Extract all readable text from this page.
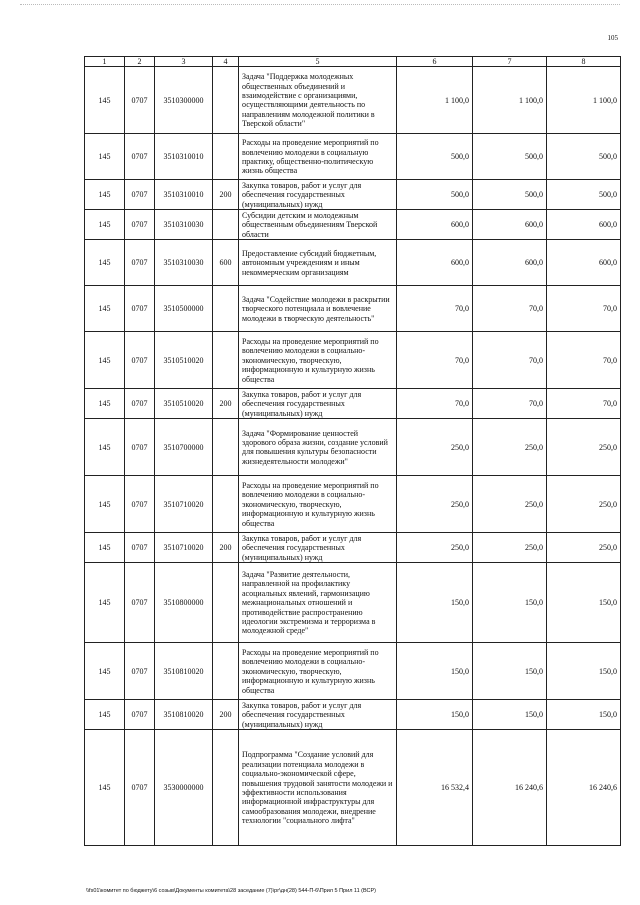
105
1	2	3	4	5	6	7	8
145	0707	3510300000		Задача "Поддержка молодежных общественных объединений и взаимодействие с организациями, осуществляющими деятельность по направлениям молодежной политики в Тверской области"	1 100,0	1 100,0	1 100,0
145	0707	3510310010		Расходы на проведение мероприятий по вовлечению молодежи в социальную практику, общественно-политическую жизнь общества	500,0	500,0	500,0
145	0707	3510310010	200	Закупка товаров, работ и услуг для обеспечения государственных (муниципальных) нужд	500,0	500,0	500,0
145	0707	3510310030		Субсидии детским и молодежным общественным объединениям Тверской области	600,0	600,0	600,0
145	0707	3510310030	600	Предоставление субсидий бюджетным, автономным учреждениям и иным некоммерческим организациям	600,0	600,0	600,0
145	0707	3510500000		Задача "Содействие молодежи в раскрытии творческого потенциала и вовлечение молодежи в творческую деятельность"	70,0	70,0	70,0
145	0707	3510510020		Расходы на проведение мероприятий по вовлечению молодежи в социально-экономическую, творческую, информационную и культурную жизнь общества	70,0	70,0	70,0
145	0707	3510510020	200	Закупка товаров, работ и услуг для обеспечения государственных (муниципальных) нужд	70,0	70,0	70,0
145	0707	3510700000		Задача "Формирование ценностей здорового образа жизни, создание условий для повышения культуры безопасности жизнедеятельности молодежи"	250,0	250,0	250,0
145	0707	3510710020		Расходы на проведение мероприятий по вовлечению молодежи в социально-экономическую, творческую, информационную и культурную жизнь общества	250,0	250,0	250,0
145	0707	3510710020	200	Закупка товаров, работ и услуг для обеспечения государственных (муниципальных) нужд	250,0	250,0	250,0
145	0707	3510800000		Задача "Развитие деятельности, направленной на профилактику асоциальных явлений, гармонизацию межнациональных отношений и противодействие распространению идеологии экстремизма и терроризма в молодежной среде"	150,0	150,0	150,0
145	0707	3510810020		Расходы на проведение мероприятий по вовлечению молодежи в социально-экономическую, творческую, информационную и культурную жизнь общества	150,0	150,0	150,0
145	0707	3510810020	200	Закупка товаров, работ и услуг для обеспечения государственных (муниципальных) нужд	150,0	150,0	150,0
145	0707	3530000000		Подпрограмма "Создание условий для реализации потенциала молодежи в социально-экономической сфере, повышения трудовой занятости молодежи и эффективности использования информационной инфраструктуры для самообразования молодежи, внедрение технологии "социального лифта"	16 532,4	16 240,6	16 240,6
\\fs01\комитет по бюджету\6 созыв\Документы комитета\28 заседание (7)\рг\дн(28) 544-П-6\Прил 5 Прил 11 (ВСР)
